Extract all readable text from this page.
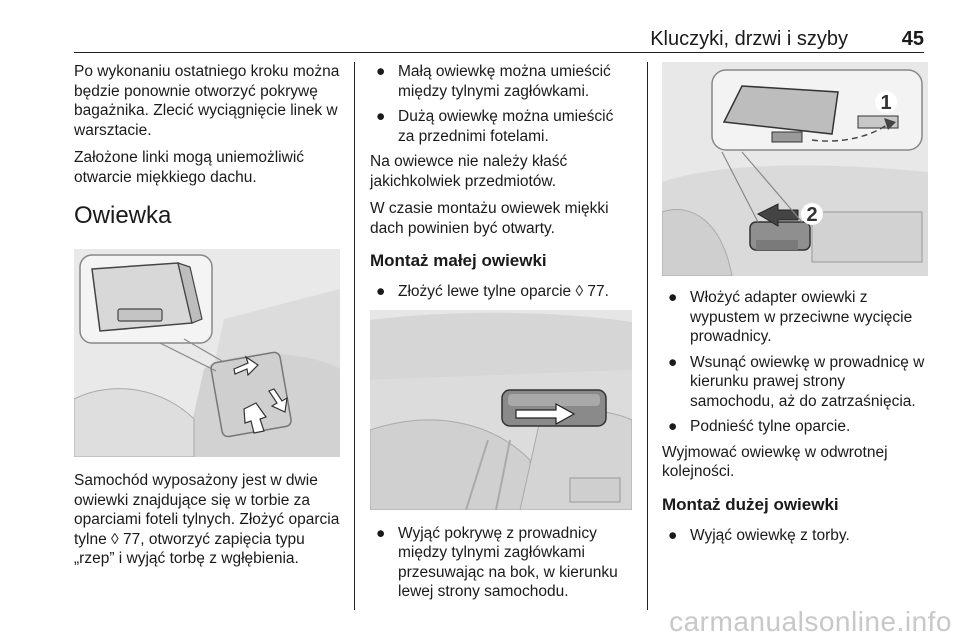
Kluczyki, drzwi i szyby	45

Po wykonaniu ostatniego kroku można będzie ponownie otworzyć pokrywę bagażnika. Zlecić wyciągnięcie linek w warsztacie.

Założone linki mogą uniemożliwić otwarcie miękkiego dachu.

Owiewka

Samochód wyposażony jest w dwie owiewki znajdujące się w torbie za oparciami foteli tylnych. Złożyć oparcia tylne ◊ 77, otworzyć zapięcia typu „rzep” i wyjąć torbę z wgłębienia.

● Małą owiewkę można umieścić między tylnymi zagłówkami.
● Dużą owiewkę można umieścić za przednimi fotelami.

Na owiewce nie należy kłaść jakichkolwiek przedmiotów.

W czasie montażu owiewek miękki dach powinien być otwarty.

Montaż małej owiewki
● Złożyć lewe tylne oparcie ◊ 77.
● Wyjąć pokrywę z prowadnicy między tylnymi zagłówkami przesuwając na bok, w kierunku lewej strony samochodu.
1
2
● Włożyć adapter owiewki z wypustem w przeciwne wycięcie prowadnicy.
● Wsunąć owiewkę w prowadnicę w kierunku prawej strony samochodu, aż do zatrzaśnięcia.
● Podnieść tylne oparcie.

Wyjmować owiewkę w odwrotnej kolejności.

Montaż dużej owiewki
● Wyjąć owiewkę z torby.
carmanualsonline.info
